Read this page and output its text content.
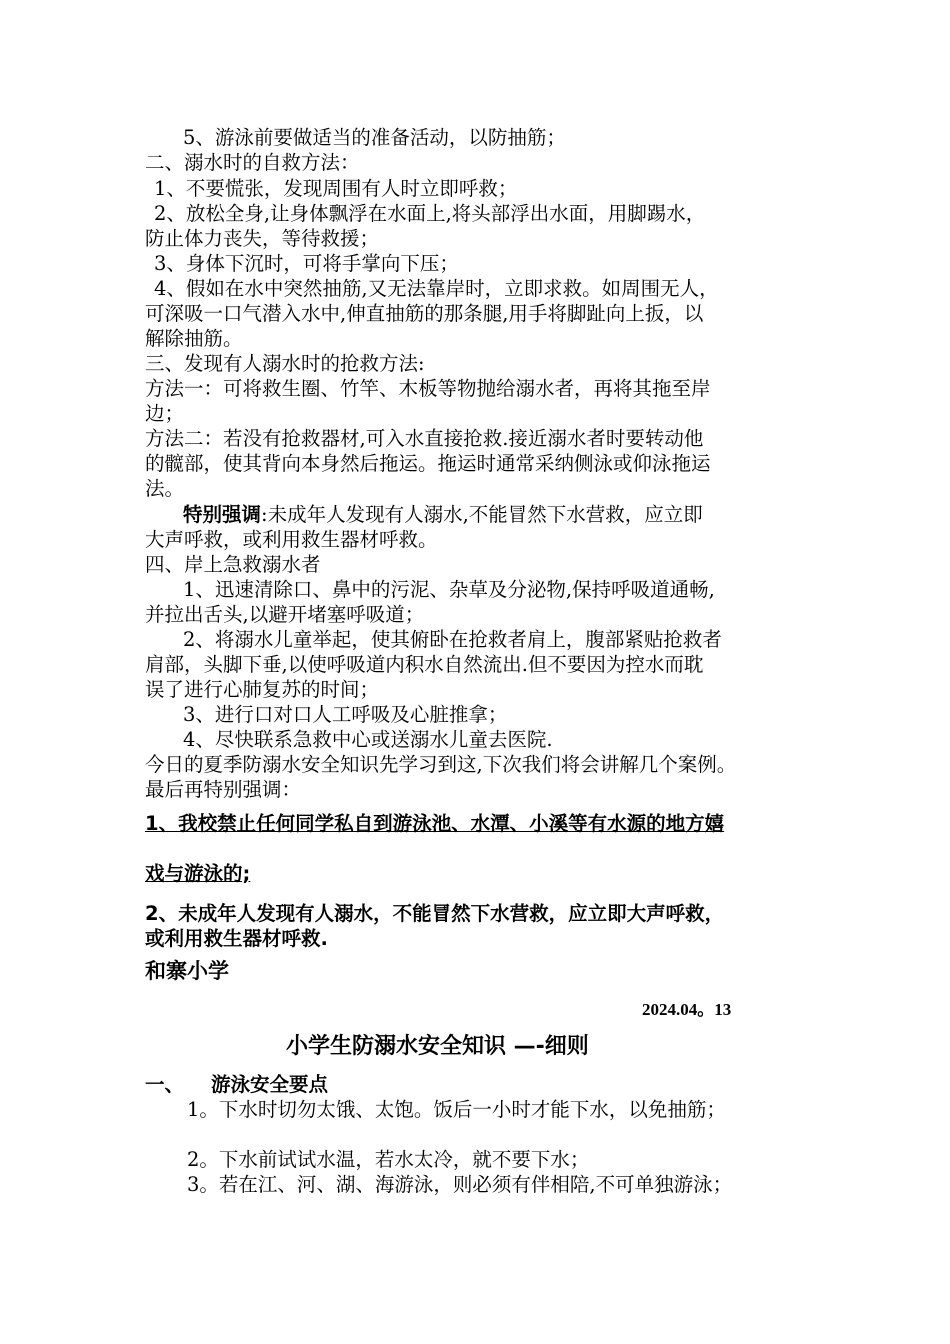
5、游泳前要做适当的准备活动，以防抽筋；
二、溺水时的自救方法：
1、不要慌张，发现周围有人时立即呼救；
2、放松全身,让身体飘浮在水面上,将头部浮出水面，用脚踢水，
防止体力丧失，等待救援；
3、身体下沉时，可将手掌向下压；
4、假如在水中突然抽筋,又无法靠岸时，立即求救。如周围无人，
可深吸一口气潜入水中,伸直抽筋的那条腿,用手将脚趾向上扳，以
解除抽筋。
三、发现有人溺水时的抢救方法:
方法一：可将救生圈、竹竿、木板等物抛给溺水者，再将其拖至岸
边；
方法二：若没有抢救器材,可入水直接抢救.接近溺水者时要转动他
的髋部，使其背向本身然后拖运。拖运时通常采纳侧泳或仰泳拖运
法。
特别强调:未成年人发现有人溺水,不能冒然下水营救，应立即
大声呼救，或利用救生器材呼救。
四、岸上急救溺水者
1、迅速清除口、鼻中的污泥、杂草及分泌物,保持呼吸道通畅,
并拉出舌头,以避开堵塞呼吸道；
2、将溺水儿童举起，使其俯卧在抢救者肩上，腹部紧贴抢救者
肩部，头脚下垂,以使呼吸道内积水自然流出.但不要因为控水而耽
误了进行心肺复苏的时间；
3、进行口对口人工呼吸及心脏推拿；
4、尽快联系急救中心或送溺水儿童去医院.
今日的夏季防溺水安全知识先学习到这,下次我们将会讲解几个案例。
最后再特别强调：
1、我校禁止任何同学私自到游泳池、水潭、小溪等有水源的地方嬉
戏与游泳的;
2、未成年人发现有人溺水，不能冒然下水营救，应立即大声呼救，
或利用救生器材呼救.
和寨小学
2024.04。13
小学生防溺水安全知识 —-细则
一、 游泳安全要点
1。下水时切勿太饿、太饱。饭后一小时才能下水，以免抽筋；
2。下水前试试水温，若水太冷，就不要下水；
3。若在江、河、湖、海游泳，则必须有伴相陪,不可单独游泳；
